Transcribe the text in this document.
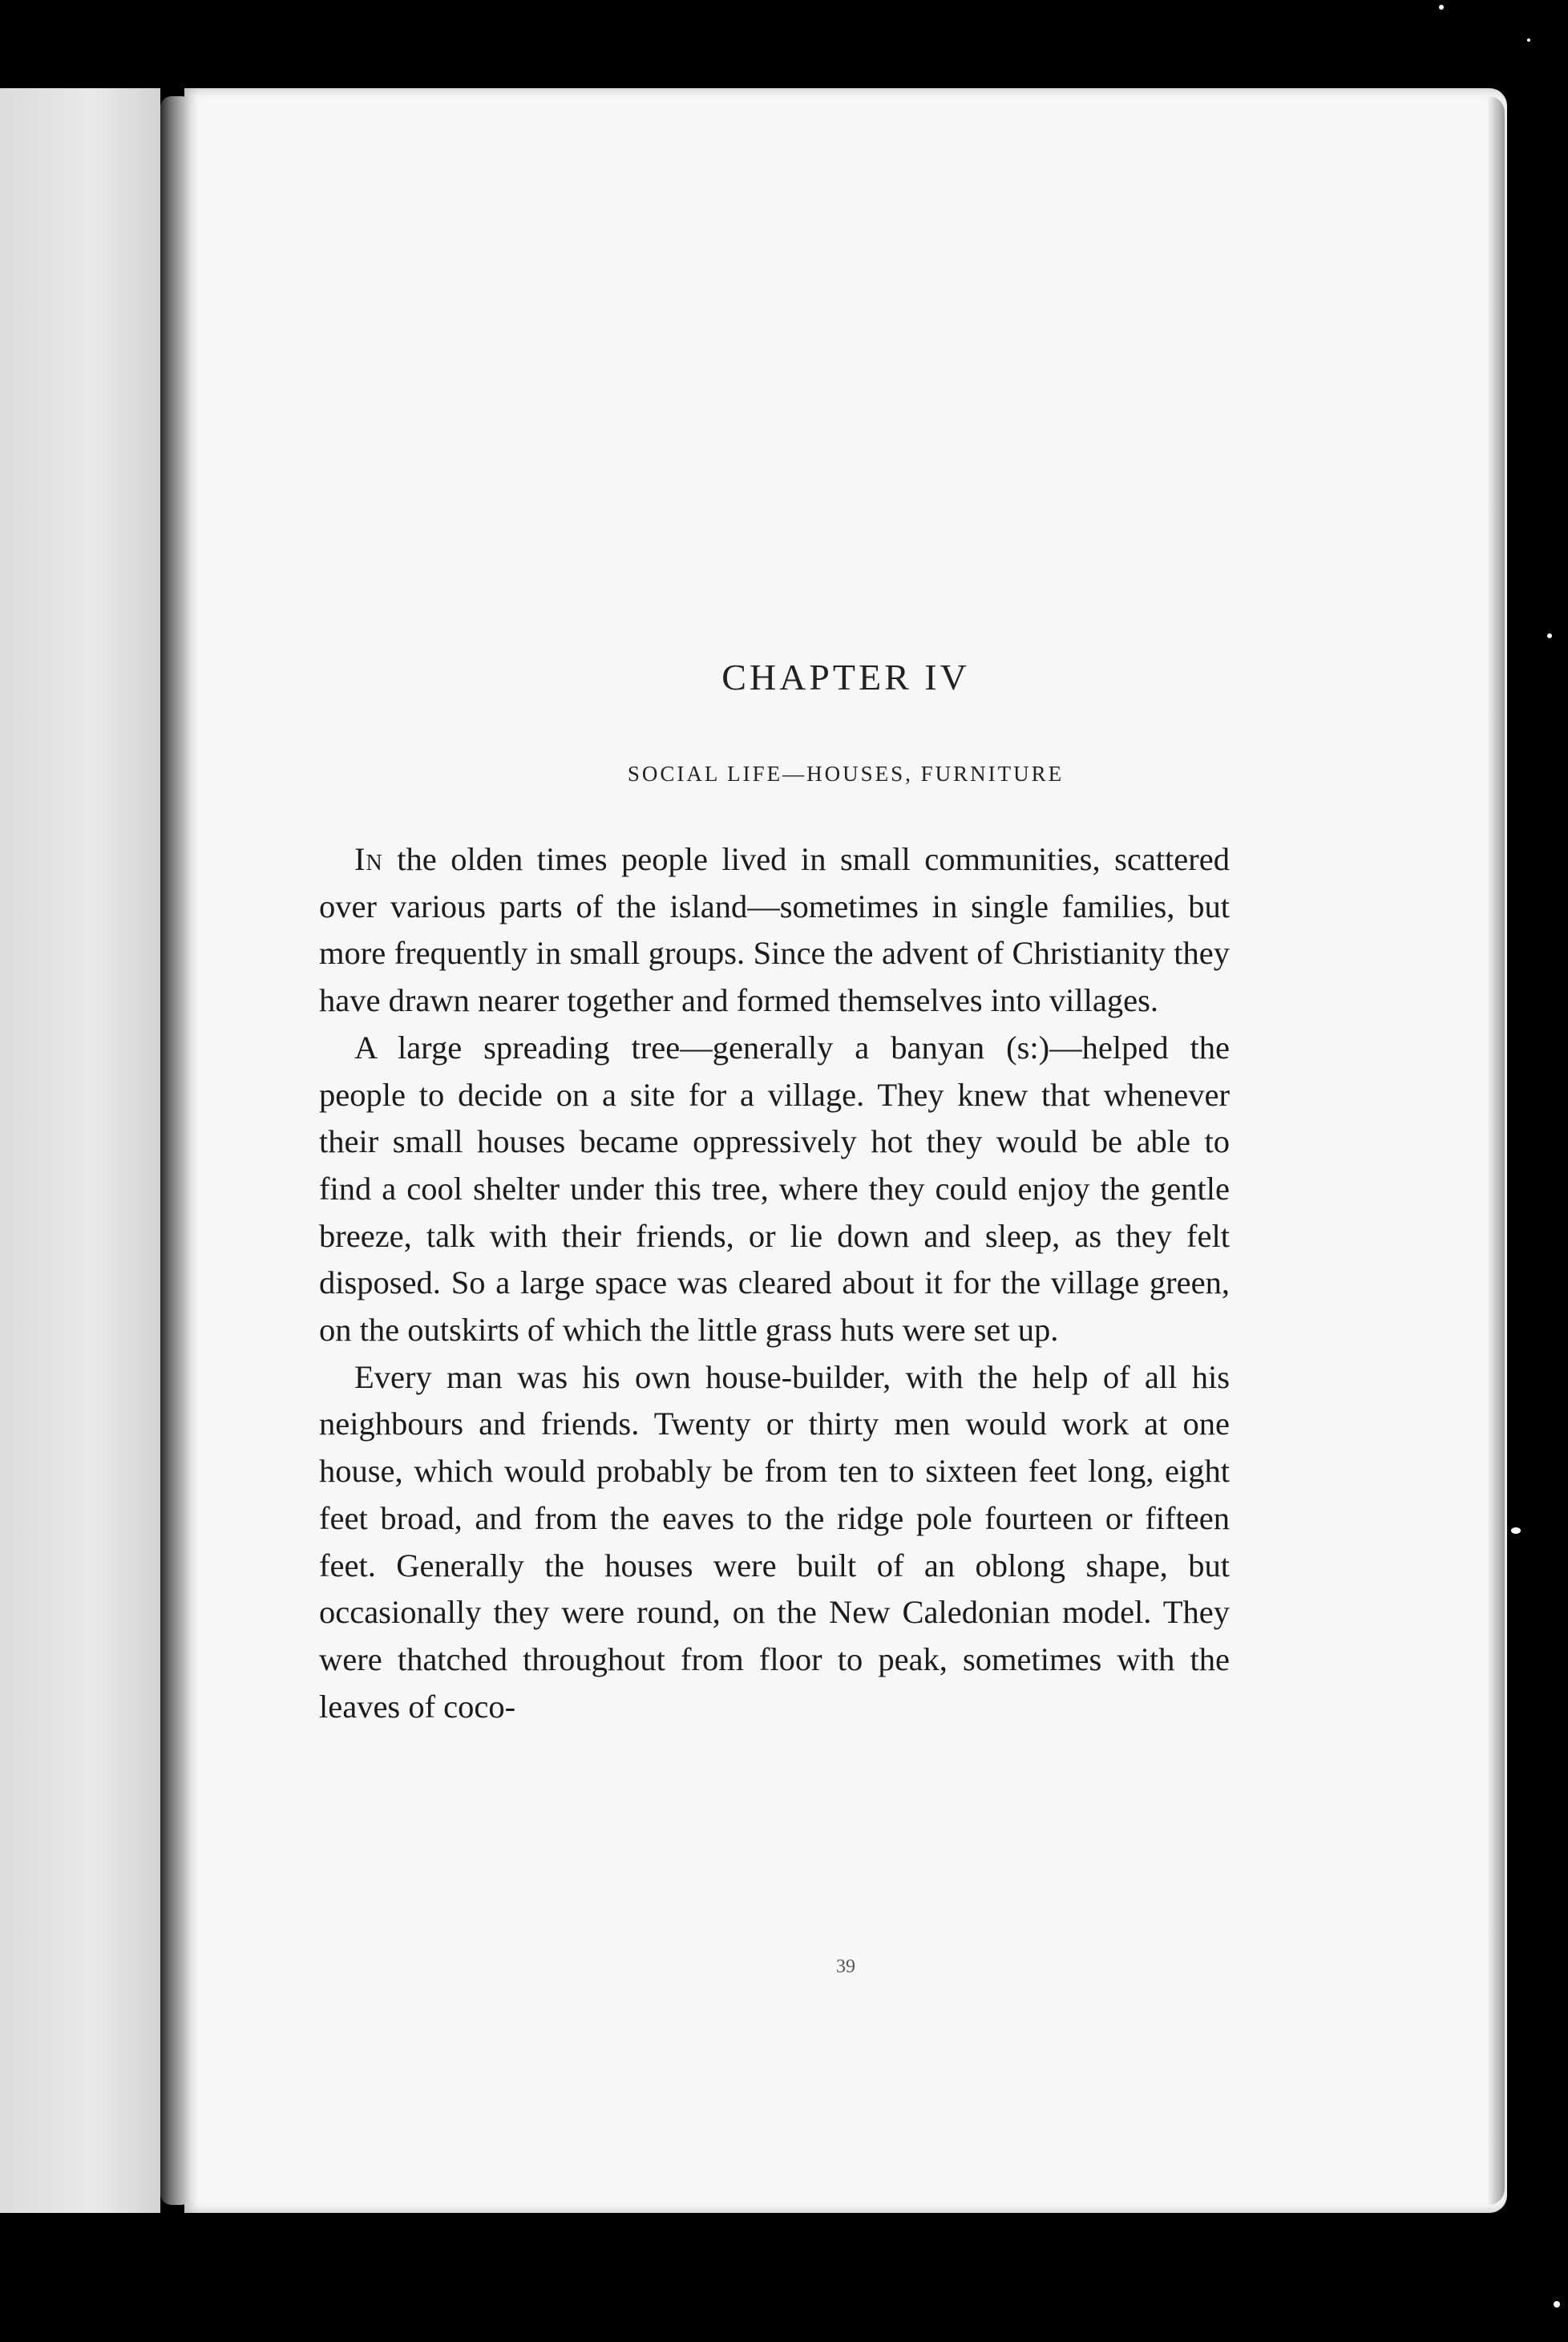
CHAPTER IV
SOCIAL LIFE—HOUSES, FURNITURE

In the olden times people lived in small communities, scattered over various parts of the island—sometimes in single families, but more frequently in small groups. Since the advent of Christianity they have drawn nearer together and formed themselves into villages.

A large spreading tree—generally a banyan (s:)—helped the people to decide on a site for a village. They knew that whenever their small houses became oppressively hot they would be able to find a cool shelter under this tree, where they could enjoy the gentle breeze, talk with their friends, or lie down and sleep, as they felt disposed. So a large space was cleared about it for the village green, on the outskirts of which the little grass huts were set up.

Every man was his own house-builder, with the help of all his neighbours and friends. Twenty or thirty men would work at one house, which would probably be from ten to sixteen feet long, eight feet broad, and from the eaves to the ridge pole fourteen or fifteen feet. Generally the houses were built of an oblong shape, but occasionally they were round, on the New Caledonian model. They were thatched throughout from floor to peak, sometimes with the leaves of coco-

39
